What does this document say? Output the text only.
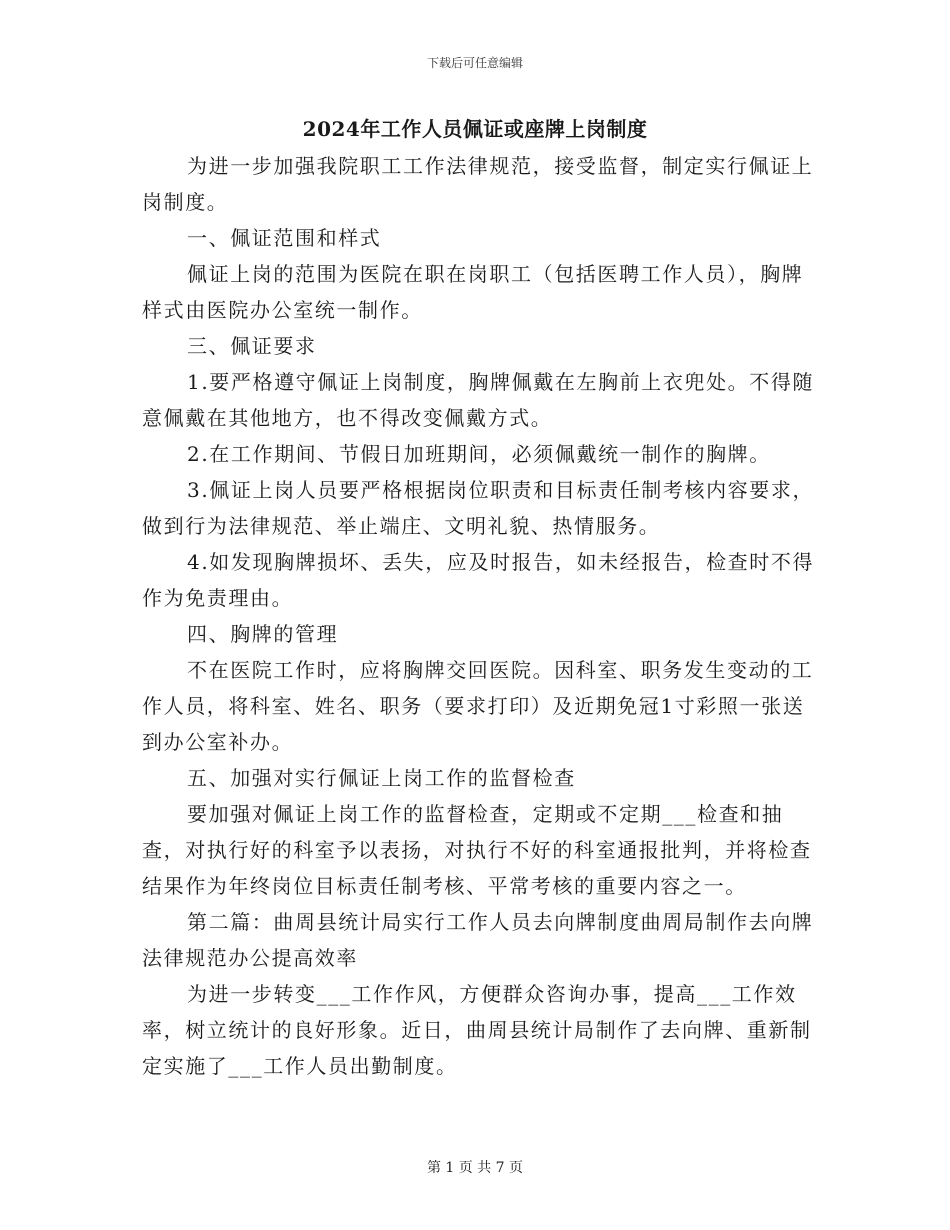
下载后可任意编辑
2024年工作人员佩证或座牌上岗制度

为进一步加强我院职工工作法律规范，接受监督，制定实行佩证上岗制度。

一、佩证范围和样式

佩证上岗的范围为医院在职在岗职工（包括医聘工作人员），胸牌样式由医院办公室统一制作。

三、佩证要求

1.要严格遵守佩证上岗制度，胸牌佩戴在左胸前上衣兜处。不得随意佩戴在其他地方，也不得改变佩戴方式。

2.在工作期间、节假日加班期间，必须佩戴统一制作的胸牌。

3.佩证上岗人员要严格根据岗位职责和目标责任制考核内容要求，做到行为法律规范、举止端庄、文明礼貌、热情服务。

4.如发现胸牌损坏、丢失，应及时报告，如未经报告，检查时不得作为免责理由。

四、胸牌的管理

不在医院工作时，应将胸牌交回医院。因科室、职务发生变动的工作人员，将科室、姓名、职务（要求打印）及近期免冠1寸彩照一张送到办公室补办。

五、加强对实行佩证上岗工作的监督检查

要加强对佩证上岗工作的监督检查，定期或不定期___检查和抽查，对执行好的科室予以表扬，对执行不好的科室通报批判，并将检查结果作为年终岗位目标责任制考核、平常考核的重要内容之一。

第二篇：曲周县统计局实行工作人员去向牌制度曲周局制作去向牌法律规范办公提高效率

为进一步转变___工作作风，方便群众咨询办事，提高___工作效率，树立统计的良好形象。近日，曲周县统计局制作了去向牌、重新制定实施了___工作人员出勤制度。

第 1 页 共 7 页
